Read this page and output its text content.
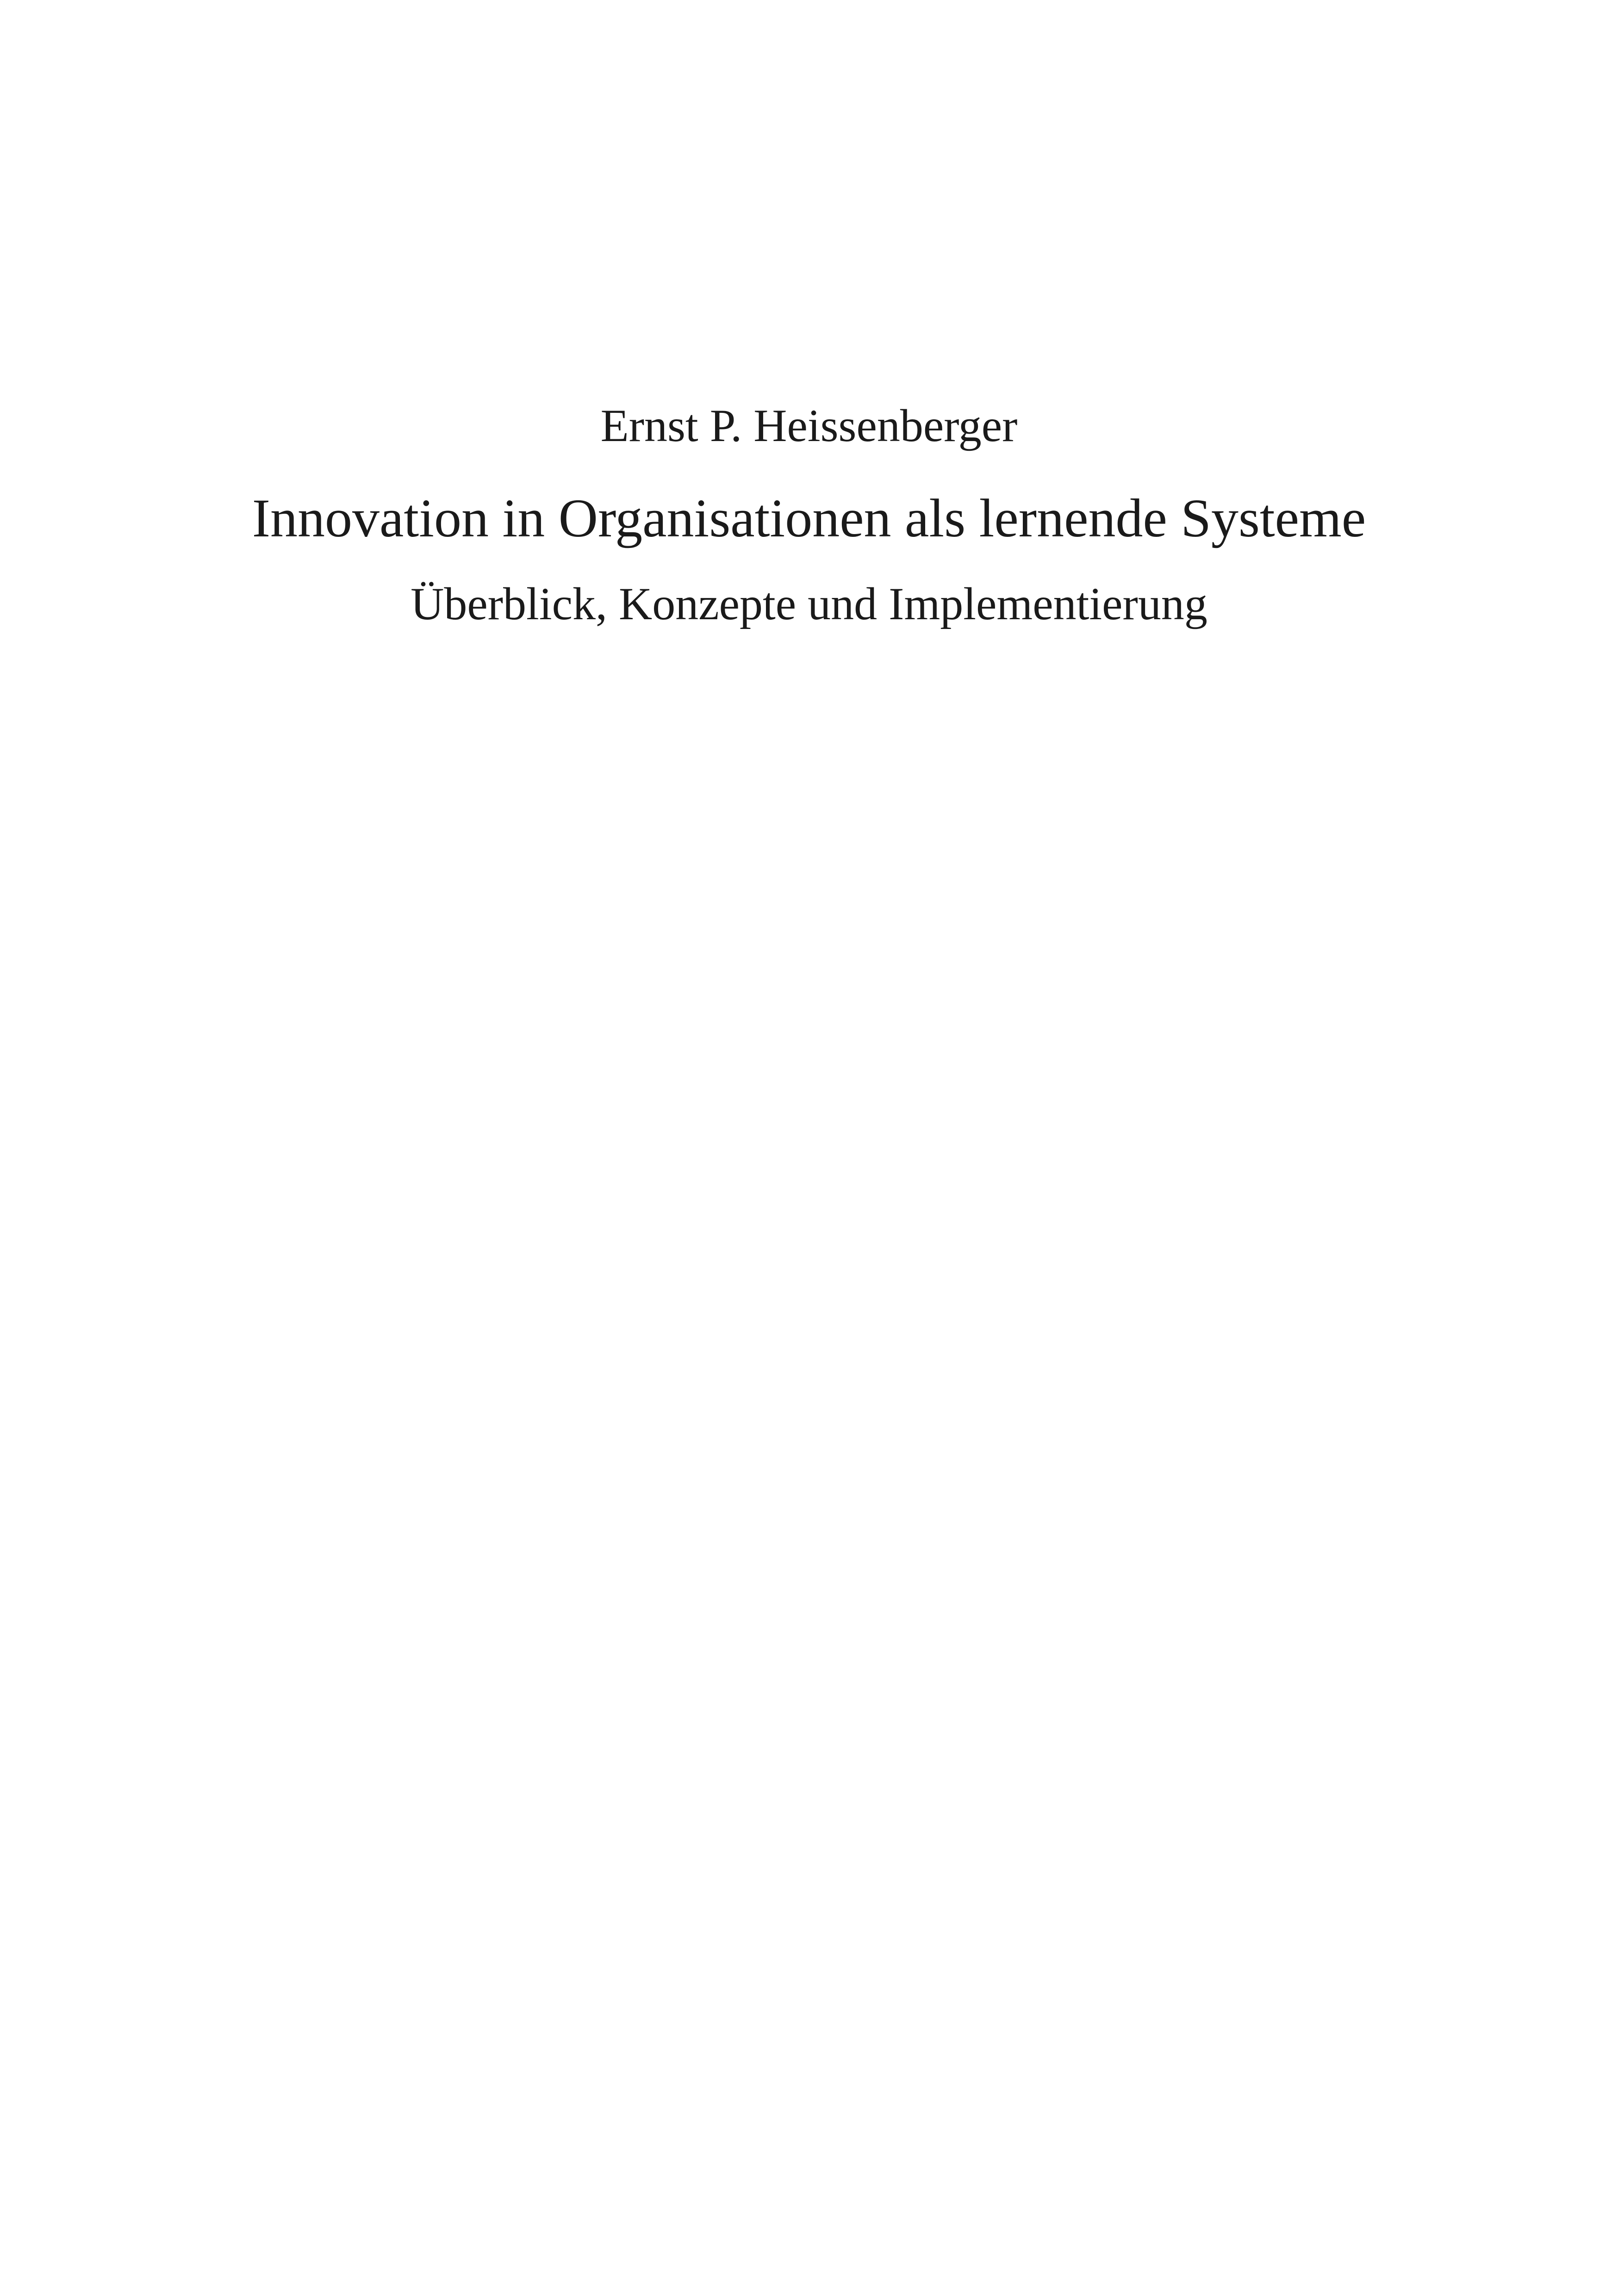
Ernst P. Heissenberger
Innovation in Organisationen als lernende Systeme
Überblick, Konzepte und Implementierung
